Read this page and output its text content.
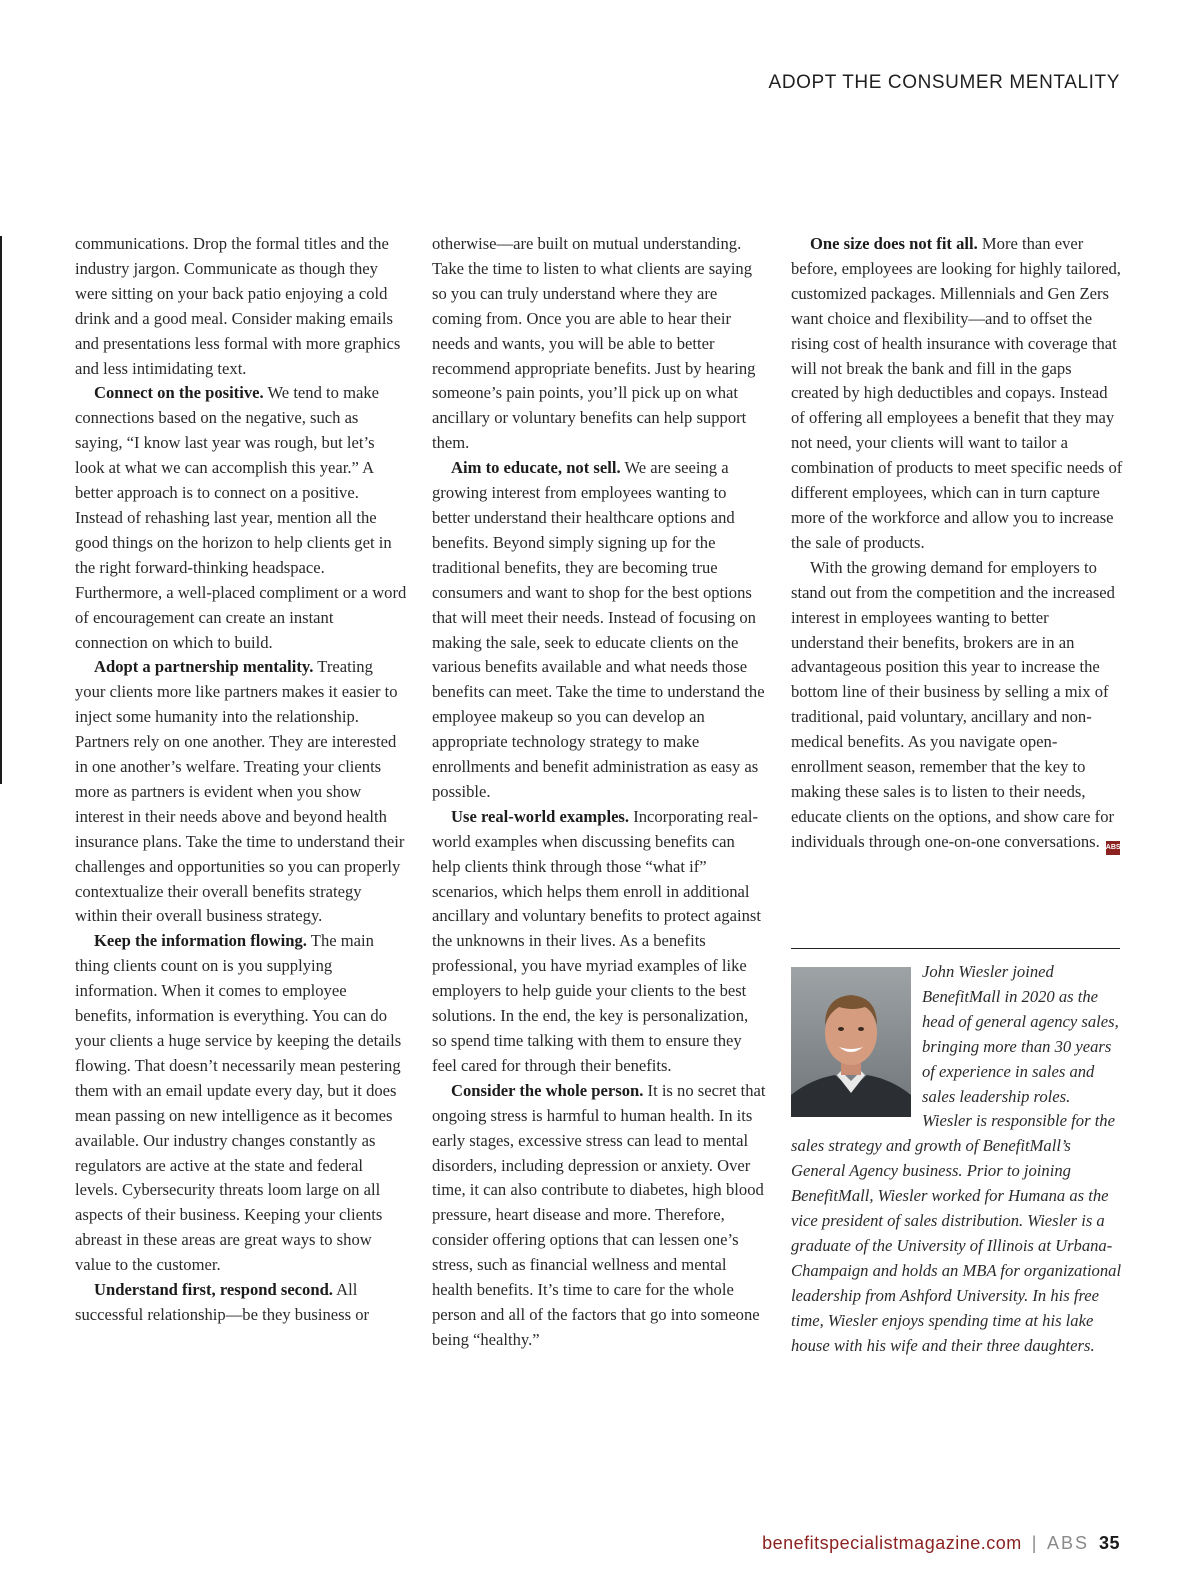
ADOPT THE CONSUMER MENTALITY

communications. Drop the formal titles and the industry jargon. Communicate as though they were sitting on your back patio enjoying a cold drink and a good meal. Consider making emails and presentations less formal with more graphics and less intimidating text.

Connect on the positive. We tend to make connections based on the negative, such as saying, “I know last year was rough, but let’s look at what we can accomplish this year.” A better approach is to connect on a positive. Instead of rehashing last year, mention all the good things on the horizon to help clients get in the right forward-thinking headspace. Furthermore, a well-placed compliment or a word of encouragement can create an instant connection on which to build.

Adopt a partnership mentality. Treating your clients more like partners makes it easier to inject some humanity into the relationship. Partners rely on one another. They are interested in one another’s welfare. Treating your clients more as partners is evident when you show interest in their needs above and beyond health insurance plans. Take the time to understand their challenges and opportunities so you can properly contextualize their overall benefits strategy within their overall business strategy.

Keep the information flowing. The main thing clients count on is you supplying information. When it comes to employee benefits, information is everything. You can do your clients a huge service by keeping the details flowing. That doesn’t necessarily mean pestering them with an email update every day, but it does mean passing on new intelligence as it becomes available. Our industry changes constantly as regulators are active at the state and federal levels. Cybersecurity threats loom large on all aspects of their business. Keeping your clients abreast in these areas are great ways to show value to the customer.

Understand first, respond second. All successful relationship—be they business or

otherwise—are built on mutual understanding. Take the time to listen to what clients are saying so you can truly understand where they are coming from. Once you are able to hear their needs and wants, you will be able to better recommend appropriate benefits. Just by hearing someone’s pain points, you’ll pick up on what ancillary or voluntary benefits can help support them.

Aim to educate, not sell. We are seeing a growing interest from employees wanting to better understand their healthcare options and benefits. Beyond simply signing up for the traditional benefits, they are becoming true consumers and want to shop for the best options that will meet their needs. Instead of focusing on making the sale, seek to educate clients on the various benefits available and what needs those benefits can meet. Take the time to understand the employee makeup so you can develop an appropriate technology strategy to make enrollments and benefit administration as easy as possible.

Use real-world examples. Incorporating real-world examples when discussing benefits can help clients think through those “what if” scenarios, which helps them enroll in additional ancillary and voluntary benefits to protect against the unknowns in their lives. As a benefits professional, you have myriad examples of like employers to help guide your clients to the best solutions. In the end, the key is personalization, so spend time talking with them to ensure they feel cared for through their benefits.

Consider the whole person. It is no secret that ongoing stress is harmful to human health. In its early stages, excessive stress can lead to mental disorders, including depression or anxiety. Over time, it can also contribute to diabetes, high blood pressure, heart disease and more. Therefore, consider offering options that can lessen one’s stress, such as financial wellness and mental health benefits. It’s time to care for the whole person and all of the factors that go into someone being “healthy.”

One size does not fit all. More than ever before, employees are looking for highly tailored, customized packages. Millennials and Gen Zers want choice and flexibility—and to offset the rising cost of health insurance with coverage that will not break the bank and fill in the gaps created by high deductibles and copays. Instead of offering all employees a benefit that they may not need, your clients will want to tailor a combination of products to meet specific needs of different employees, which can in turn capture more of the workforce and allow you to increase the sale of products.

With the growing demand for employers to stand out from the competition and the increased interest in employees wanting to better understand their benefits, brokers are in an advantageous position this year to increase the bottom line of their business by selling a mix of traditional, paid voluntary, ancillary and non-medical benefits. As you navigate open-enrollment season, remember that the key to making these sales is to listen to their needs, educate clients on the options, and show care for individuals through one-on-one conversations. ABS

John Wiesler joined BenefitMall in 2020 as the head of general agency sales, bringing more than 30 years of experience in sales and sales leadership roles. Wiesler is responsible for the sales strategy and growth of BenefitMall’s General Agency business. Prior to joining BenefitMall, Wiesler worked for Humana as the vice president of sales distribution. Wiesler is a graduate of the University of Illinois at Urbana-Champaign and holds an MBA for organizational leadership from Ashford University. In his free time, Wiesler enjoys spending time at his lake house with his wife and their three daughters.
benefitspecialistmagazine.com | ABS 35
